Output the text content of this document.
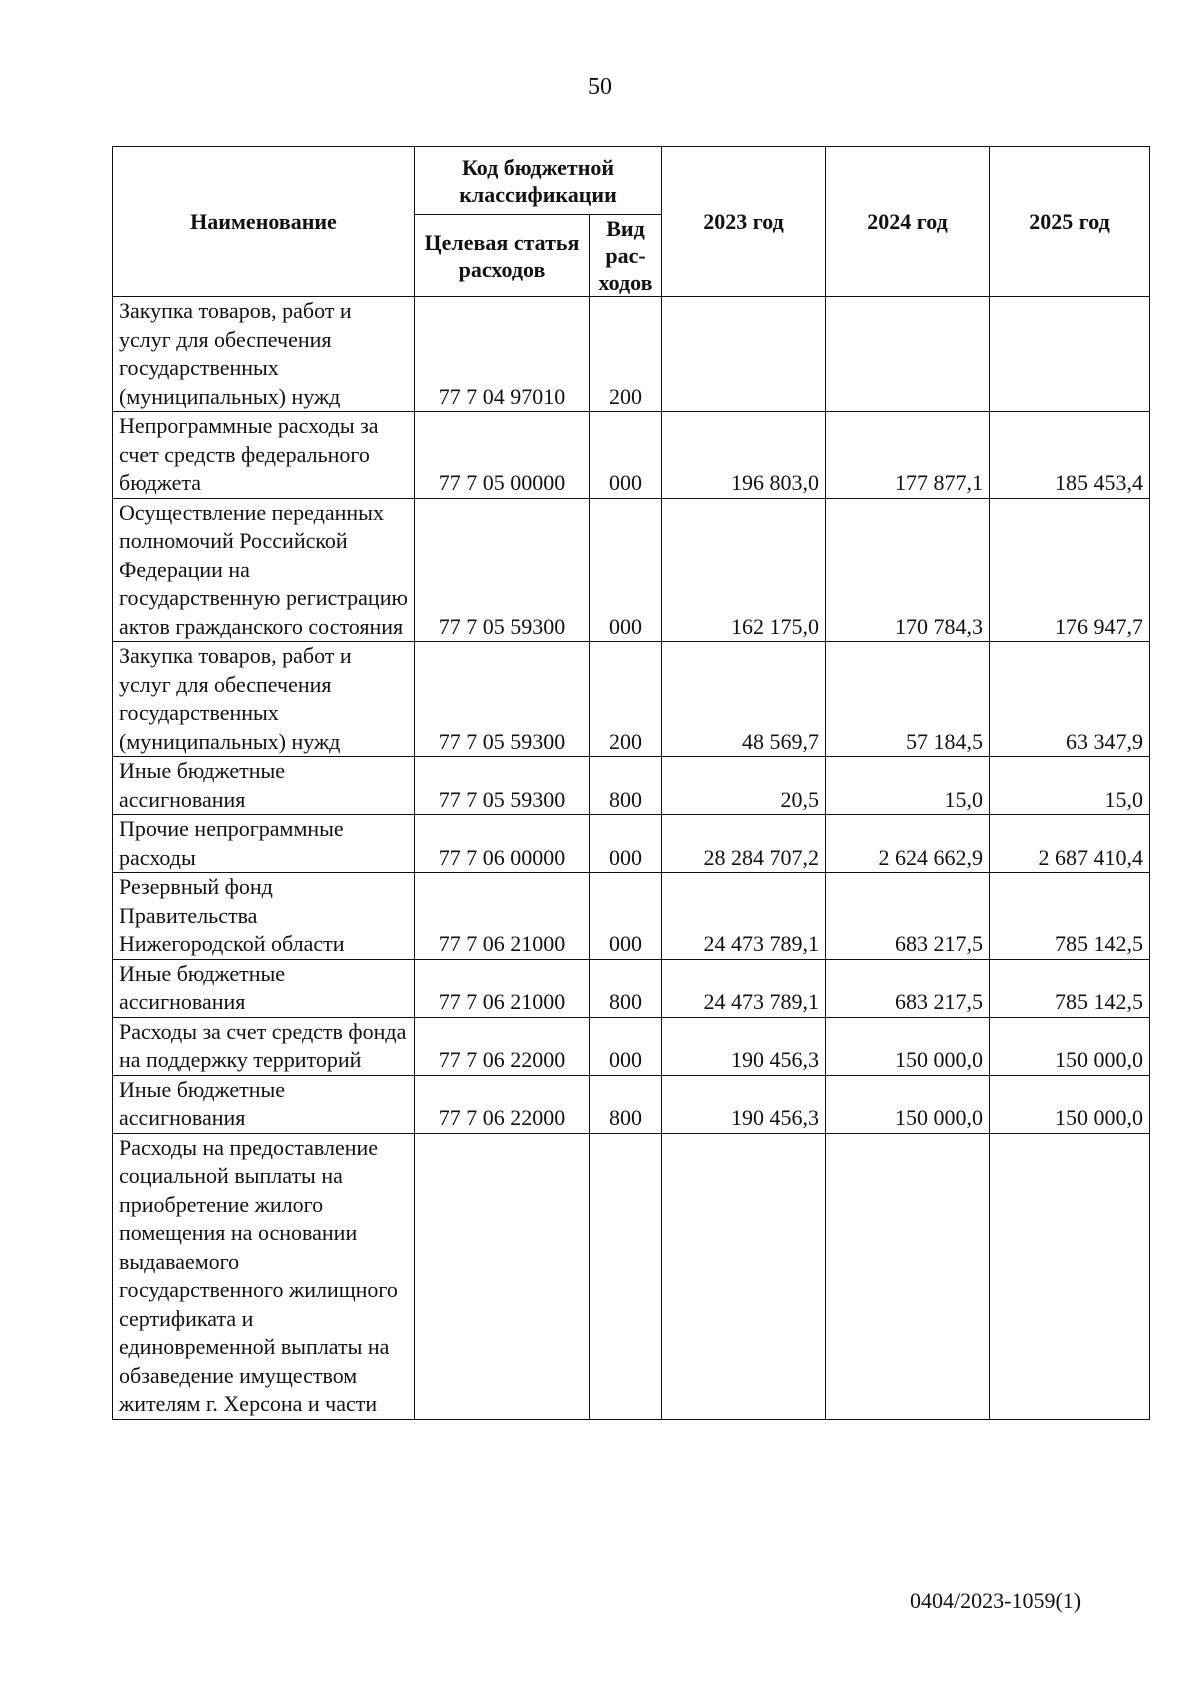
50
Наименование	Код бюджетной классификации		2023 год	2024 год	2025 год
	Целевая статья расходов	Вид рас-ходов			
Закупка товаров, работ и услуг для обеспечения государственных (муниципальных) нужд	77 7 04 97010	200			
Непрограммные расходы за счет средств федерального бюджета	77 7 05 00000	000	196 803,0	177 877,1	185 453,4
Осуществление переданных полномочий Российской Федерации на государственную регистрацию актов гражданского состояния	77 7 05 59300	000	162 175,0	170 784,3	176 947,7
Закупка товаров, работ и услуг для обеспечения государственных (муниципальных) нужд	77 7 05 59300	200	48 569,7	57 184,5	63 347,9
Иные бюджетные ассигнования	77 7 05 59300	800	20,5	15,0	15,0
Прочие непрограммные расходы	77 7 06 00000	000	28 284 707,2	2 624 662,9	2 687 410,4
Резервный фонд Правительства Нижегородской области	77 7 06 21000	000	24 473 789,1	683 217,5	785 142,5
Иные бюджетные ассигнования	77 7 06 21000	800	24 473 789,1	683 217,5	785 142,5
Расходы за счет средств фонда на поддержку территорий	77 7 06 22000	000	190 456,3	150 000,0	150 000,0
Иные бюджетные ассигнования	77 7 06 22000	800	190 456,3	150 000,0	150 000,0
Расходы на предоставление социальной выплаты на приобретение жилого помещения на основании выдаваемого государственного жилищного сертификата и единовременной выплаты на обзаведение имуществом жителям г. Херсона и части					
0404/2023-1059(1)
